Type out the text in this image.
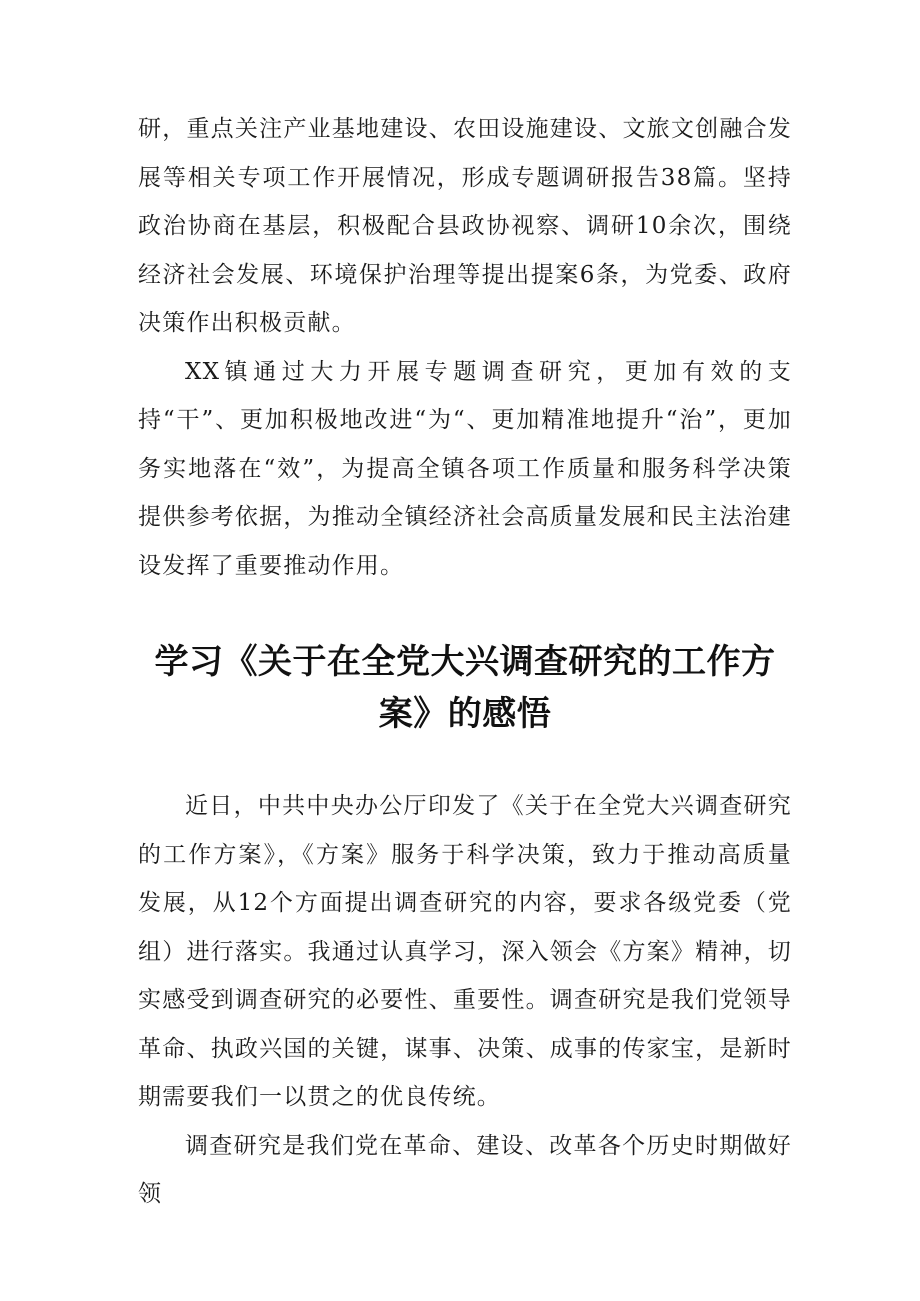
研，重点关注产业基地建设、农田设施建设、文旅文创融合发展等相关专项工作开展情况，形成专题调研报告38篇。坚持政治协商在基层，积极配合县政协视察、调研10余次，围绕经济社会发展、环境保护治理等提出提案6条，为党委、政府决策作出积极贡献。

XX镇通过大力开展专题调查研究，更加有效的支持“干”、更加积极地改进“为“、更加精准地提升“治”，更加务实地落在“效”，为提高全镇各项工作质量和服务科学决策提供参考依据，为推动全镇经济社会高质量发展和民主法治建设发挥了重要推动作用。

学习《关于在全党大兴调查研究的工作方
案》的感悟

近日，中共中央办公厅印发了《关于在全党大兴调查研究的工作方案》，《方案》服务于科学决策，致力于推动高质量发展，从12个方面提出调查研究的内容，要求各级党委（党组）进行落实。我通过认真学习，深入领会《方案》精神，切实感受到调查研究的必要性、重要性。调查研究是我们党领导革命、执政兴国的关键，谋事、决策、成事的传家宝，是新时期需要我们一以贯之的优良传统。

调查研究是我们党在革命、建设、改革各个历史时期做好领
